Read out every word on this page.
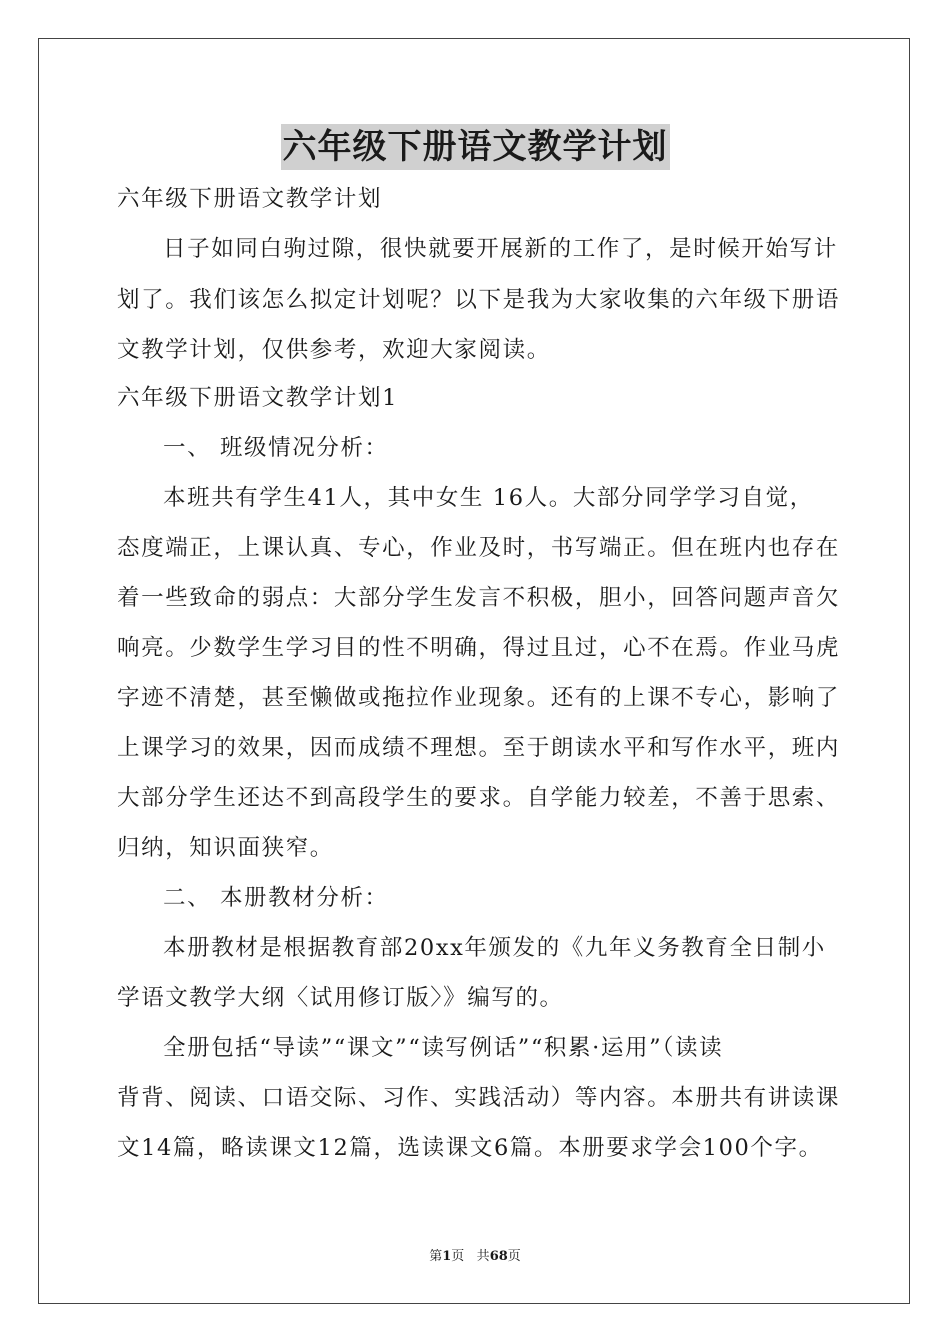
六年级下册语文教学计划
六年级下册语文教学计划
日子如同白驹过隙，很快就要开展新的工作了，是时候开始写计
划了。我们该怎么拟定计划呢？以下是我为大家收集的六年级下册语
文教学计划，仅供参考，欢迎大家阅读。
六年级下册语文教学计划1
一、 班级情况分析：
本班共有学生41人，其中女生 16人。大部分同学学习自觉，
态度端正，上课认真、专心，作业及时，书写端正。但在班内也存在
着一些致命的弱点：大部分学生发言不积极，胆小，回答问题声音欠
响亮。少数学生学习目的性不明确，得过且过，心不在焉。作业马虎
字迹不清楚，甚至懒做或拖拉作业现象。还有的上课不专心，影响了
上课学习的效果，因而成绩不理想。至于朗读水平和写作水平，班内
大部分学生还达不到高段学生的要求。自学能力较差，不善于思索、
归纳，知识面狭窄。
二、 本册教材分析：
本册教材是根据教育部20xx年颁发的《九年义务教育全日制小
学语文教学大纲〈试用修订版〉》编写的。
全册包括“导读”“课文”“读写例话”“积累·运用”（读读
背背、阅读、口语交际、习作、实践活动）等内容。本册共有讲读课
文14篇，略读课文12篇，选读课文6篇。本册要求学会100个字。
第1页 共68页
